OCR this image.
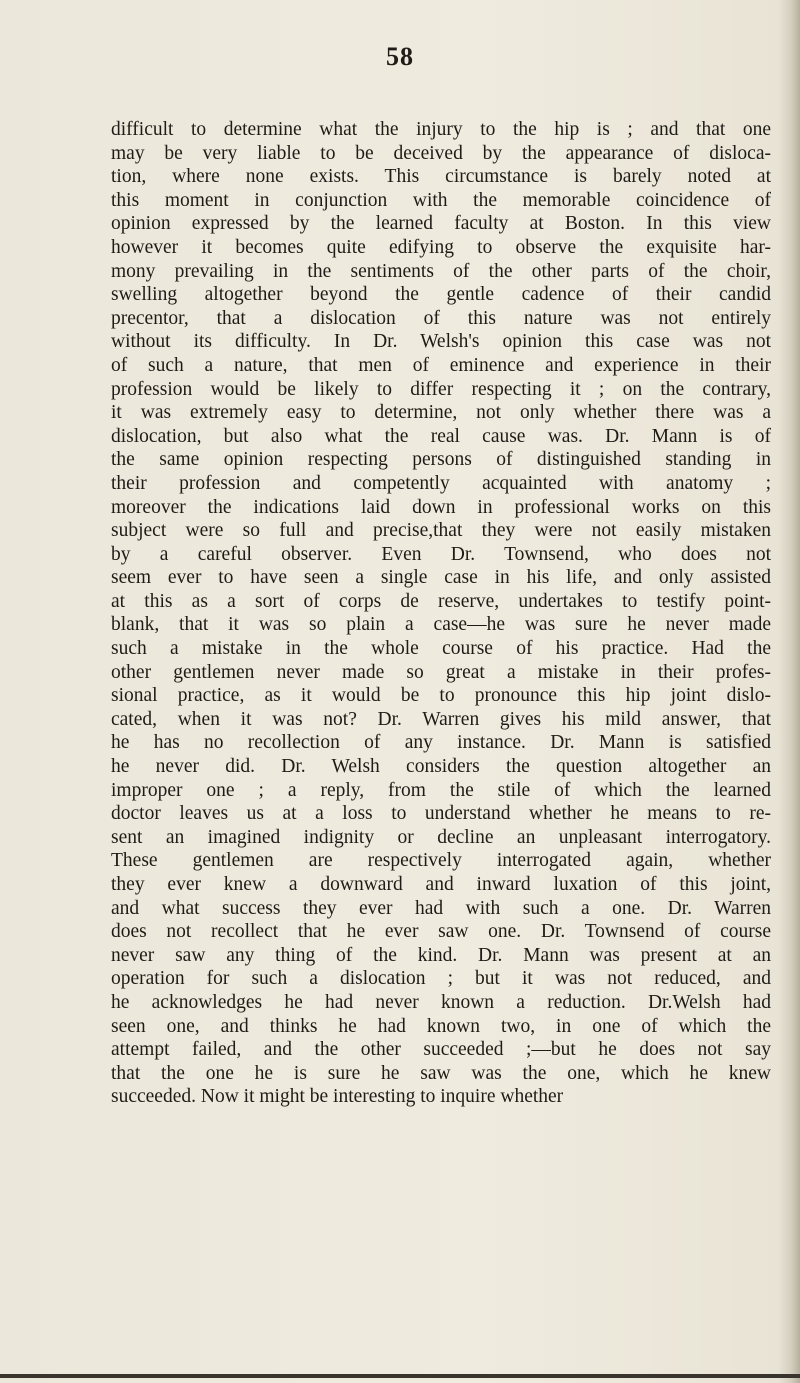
58
difficult to determine what the injury to the hip is ; and that one
may be very liable to be deceived by the appearance of disloca-
tion, where none exists. This circumstance is barely noted at
this moment in conjunction with the memorable coincidence of
opinion expressed by the learned faculty at Boston. In this view
however it becomes quite edifying to observe the exquisite har-
mony prevailing in the sentiments of the other parts of the choir,
swelling altogether beyond the gentle cadence of their candid
precentor, that a dislocation of this nature was not entirely
without its difficulty. In Dr. Welsh's opinion this case was not
of such a nature, that men of eminence and experience in their
profession would be likely to differ respecting it ; on the contrary,
it was extremely easy to determine, not only whether there was a
dislocation, but also what the real cause was. Dr. Mann is of
the same opinion respecting persons of distinguished standing in
their profession and competently acquainted with anatomy ;
moreover the indications laid down in professional works on this
subject were so full and precise,that they were not easily mistaken
by a careful observer. Even Dr. Townsend, who does not
seem ever to have seen a single case in his life, and only assisted
at this as a sort of corps de reserve, undertakes to testify point-
blank, that it was so plain a case—he was sure he never made
such a mistake in the whole course of his practice. Had the
other gentlemen never made so great a mistake in their profes-
sional practice, as it would be to pronounce this hip joint dislo-
cated, when it was not? Dr. Warren gives his mild answer, that
he has no recollection of any instance. Dr. Mann is satisfied
he never did. Dr. Welsh considers the question altogether an
improper one ; a reply, from the stile of which the learned
doctor leaves us at a loss to understand whether he means to re-
sent an imagined indignity or decline an unpleasant interrogatory.
These gentlemen are respectively interrogated again, whether
they ever knew a downward and inward luxation of this joint,
and what success they ever had with such a one. Dr. Warren
does not recollect that he ever saw one. Dr. Townsend of course
never saw any thing of the kind. Dr. Mann was present at an
operation for such a dislocation ; but it was not reduced, and
he acknowledges he had never known a reduction. Dr.Welsh had
seen one, and thinks he had known two, in one of which the
attempt failed, and the other succeeded ;—but he does not say
that the one he is sure he saw was the one, which he knew
succeeded. Now it might be interesting to inquire whether
